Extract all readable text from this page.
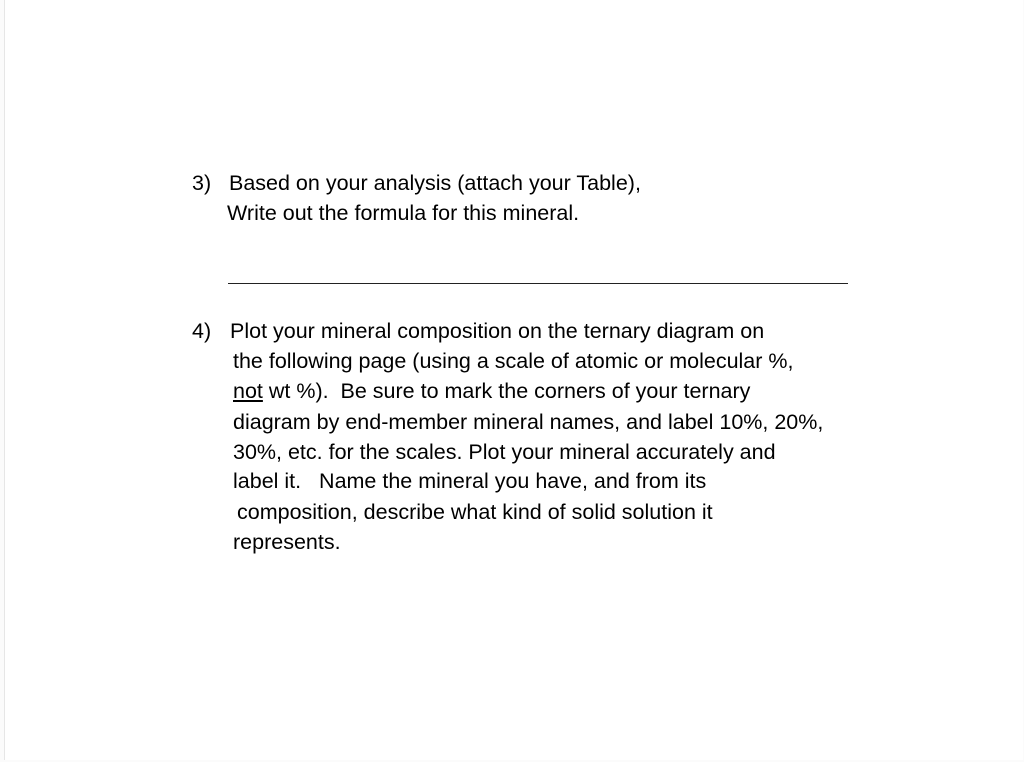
3) Based on your analysis (attach your Table),
Write out the formula for this mineral.
4) Plot your mineral composition on the ternary diagram on
the following page (using a scale of atomic or molecular %,
not wt %).  Be sure to mark the corners of your ternary
diagram by end-member mineral names, and label 10%, 20%,
30%, etc. for the scales. Plot your mineral accurately and
label it.   Name the mineral you have, and from its
composition, describe what kind of solid solution it
represents.
